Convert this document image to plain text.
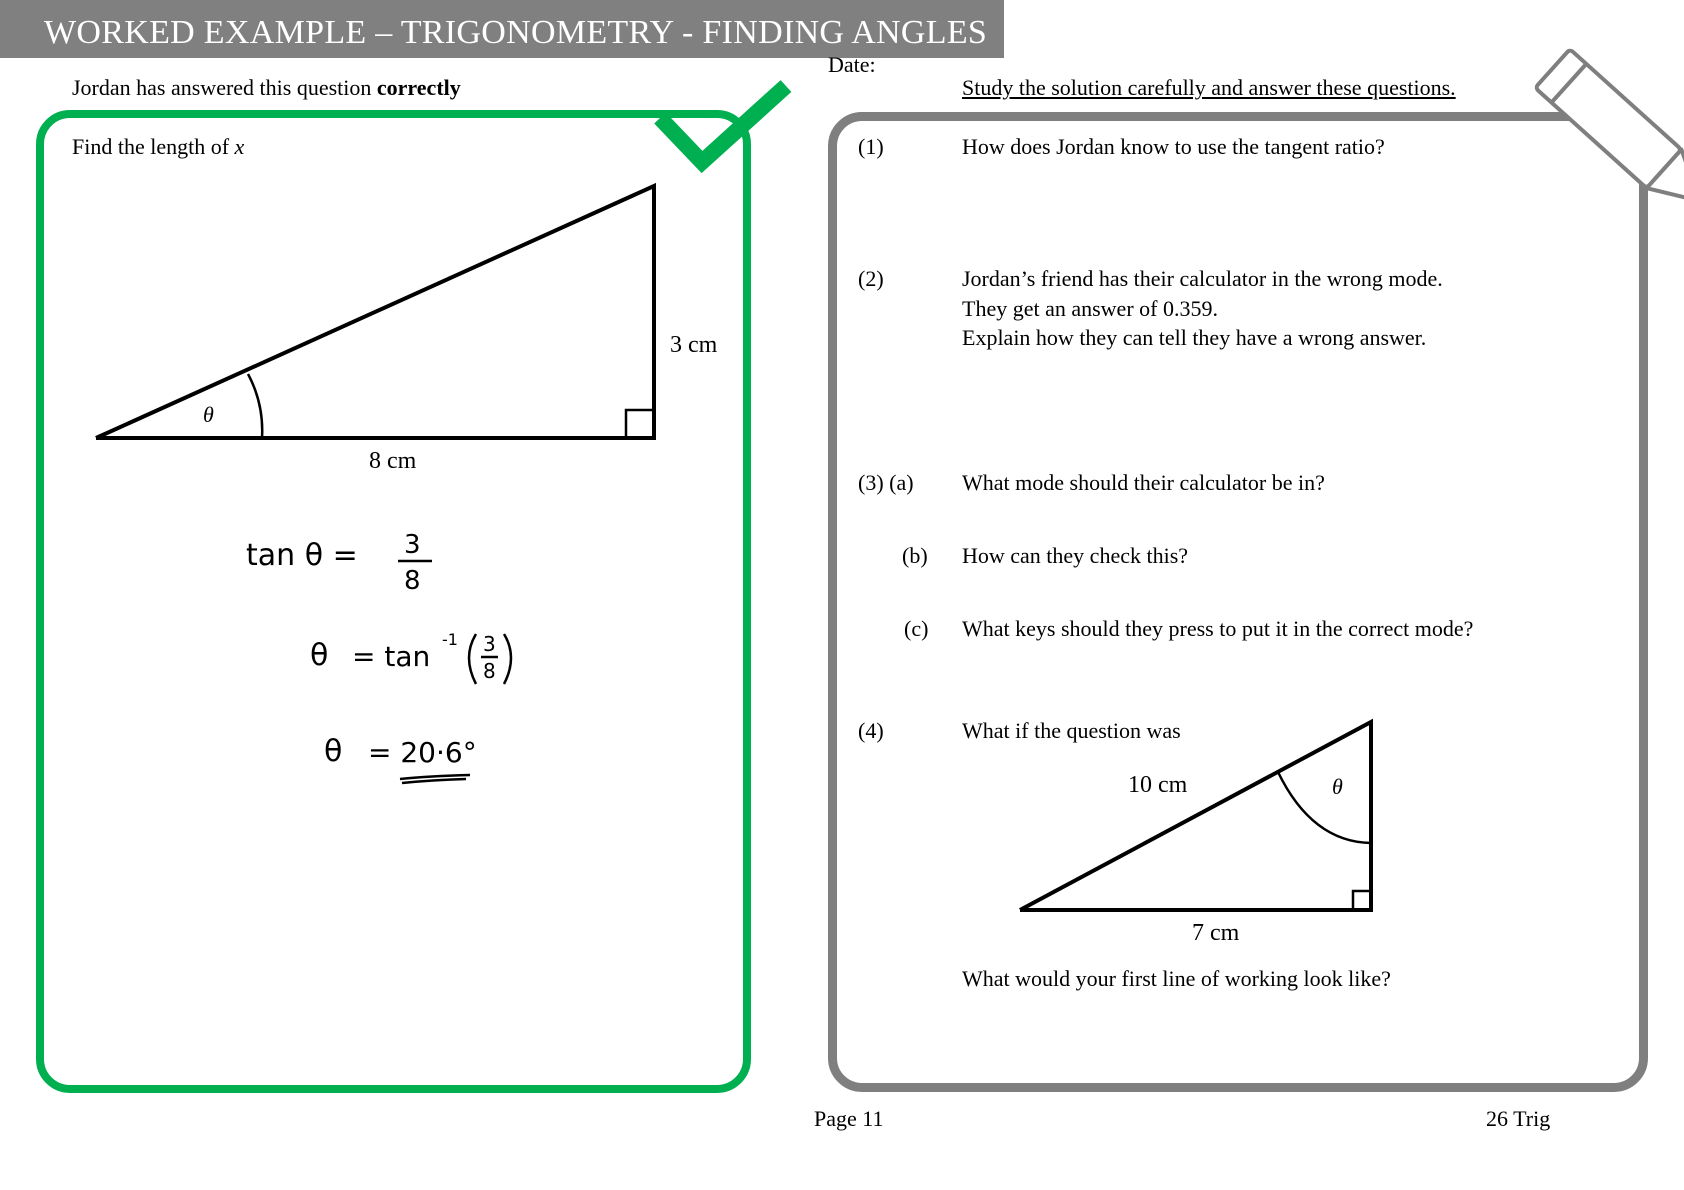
WORKED EXAMPLE – TRIGONOMETRY - FINDING ANGLES
Date:
Jordan has answered this question correctly
Find the length of x
θ
8 cm
3 cm
tan θ = 3
8
θ = tan
-1 3
8
θ = 20·6°
Study the solution carefully and answer these questions.
(1)	How does Jordan know to use the tangent ratio?
(2)	Jordan’s friend has their calculator in the wrong mode.
They get an answer of 0.359.
Explain how they can tell they have a wrong answer.
(3) (a) What mode should their calculator be in?
(b) How can they check this?
(c) What keys should they press to put it in the correct mode?
(4)	What if the question was
10 cm	θ
7 cm
What would your first line of working look like?
Page 11	26 Trig
